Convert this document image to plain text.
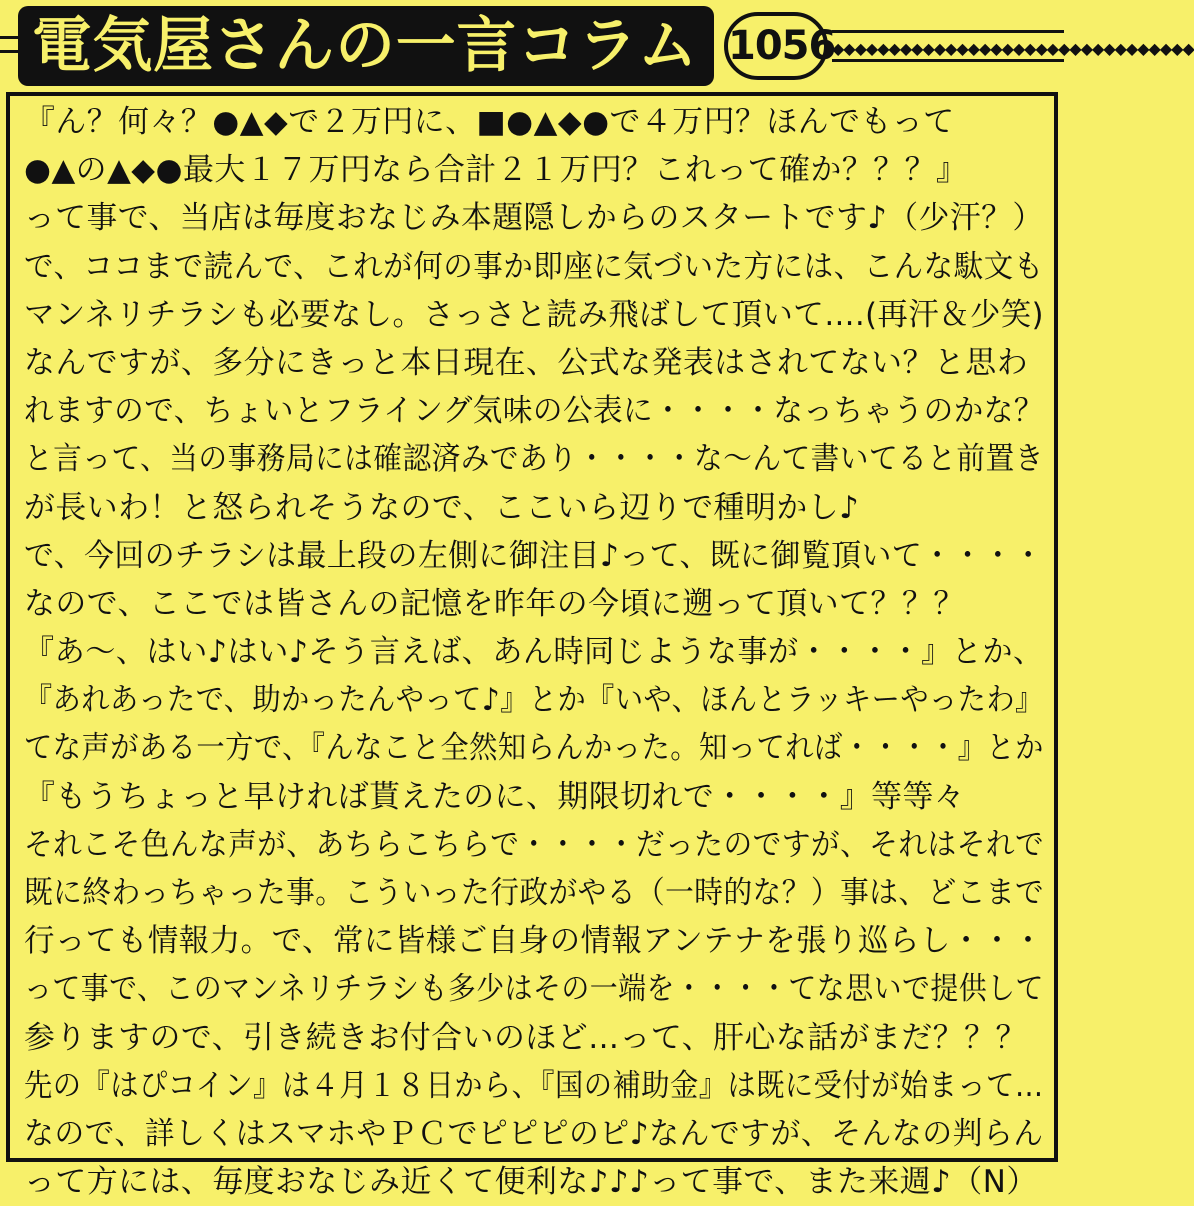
電気屋さんの一言コラム 1056
◆◆◆◆◆◆◆◆◆◆◆◆◆◆◆◆◆◆◆◆◆◆◆◆◆◆◆◆◆◆◆◆
『ん？何々？●▲◆で２万円に、■●▲◆●で４万円？ほんでもって
●▲の▲◆●最大１７万円なら合計２１万円？これって確か？？？』
って事で、当店は毎度おなじみ本題隠しからのスタートです♪（少汗？）
で、ココまで読んで、これが何の事か即座に気づいた方には、こんな駄文も
マンネリチラシも必要なし。さっさと読み飛ばして頂いて….(再汗＆少笑)
なんですが、多分にきっと本日現在、公式な発表はされてない？と思わ
れますので、ちょいとフライング気味の公表に・・・・なっちゃうのかな？
と言って、当の事務局には確認済みであり・・・・な～んて書いてると前置き
が長いわ！と怒られそうなので、ここいら辺りで種明かし♪
で、今回のチラシは最上段の左側に御注目♪って、既に御覧頂いて・・・・
なので、ここでは皆さんの記憶を昨年の今頃に遡って頂いて？？？
『あ～、はい♪はい♪そう言えば、あん時同じような事が・・・・』とか、
『あれあったで、助かったんやって♪』とか『いや、ほんとラッキーやったわ』
てな声がある一方で、『んなこと全然知らんかった。知ってれば・・・・』とか
『もうちょっと早ければ貰えたのに、期限切れで・・・・』等等々
それこそ色んな声が、あちらこちらで・・・・だったのですが、それはそれで
既に終わっちゃった事。こういった行政がやる（一時的な？）事は、どこまで
行っても情報力。で、常に皆様ご自身の情報アンテナを張り巡らし・・・
って事で、このマンネリチラシも多少はその一端を・・・・てな思いで提供して
参りますので、引き続きお付合いのほど…って、肝心な話がまだ？？？
先の『はぴコイン』は４月１８日から、『国の補助金』は既に受付が始まって…
なので、詳しくはスマホやＰＣでピピピのピ♪なんですが、そんなの判らん
って方には、毎度おなじみ近くて便利な♪♪♪って事で、また来週♪（N）
